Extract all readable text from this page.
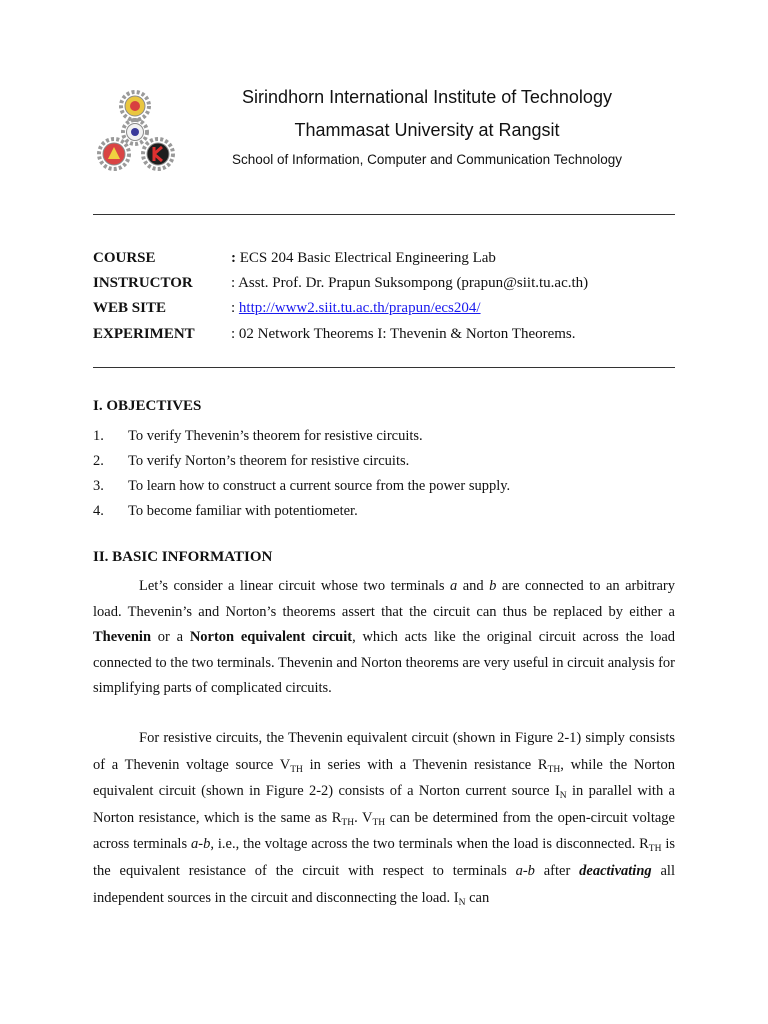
Sirindhorn International Institute of Technology
Thammasat University at Rangsit
School of Information, Computer and Communication Technology
COURSE	: ECS 204 Basic Electrical Engineering Lab
INSTRUCTOR	: Asst. Prof. Dr. Prapun Suksompong (prapun@siit.tu.ac.th)
WEB SITE	: http://www2.siit.tu.ac.th/prapun/ecs204/
EXPERIMENT : 02 Network Theorems I: Thevenin & Norton Theorems.
I. OBJECTIVES
1. To verify Thevenin’s theorem for resistive circuits.
2. To verify Norton’s theorem for resistive circuits.
3. To learn how to construct a current source from the power supply.
4. To become familiar with potentiometer.
II. BASIC INFORMATION

Let’s consider a linear circuit whose two terminals a and b are connected to an arbitrary load. Thevenin’s and Norton’s theorems assert that the circuit can thus be replaced by either a Thevenin or a Norton equivalent circuit, which acts like the original circuit across the load connected to the two terminals. Thevenin and Norton theorems are very useful in circuit analysis for simplifying parts of complicated circuits.

For resistive circuits, the Thevenin equivalent circuit (shown in Figure 2-1) simply consists of a Thevenin voltage source $V_{TH}$ in series with a Thevenin resistance $R_{TH}$, while the Norton equivalent circuit (shown in Figure 2-2) consists of a Norton current source $I_N$ in parallel with a Norton resistance, which is the same as $R_{TH}$. $V_{TH}$ can be determined from the open-circuit voltage across terminals a-b, i.e., the voltage across the two terminals when the load is disconnected. $R_{TH}$ is the equivalent resistance of the circuit with respect to terminals a-b after deactivating all independent sources in the circuit and disconnecting the load. $I_N$ can
